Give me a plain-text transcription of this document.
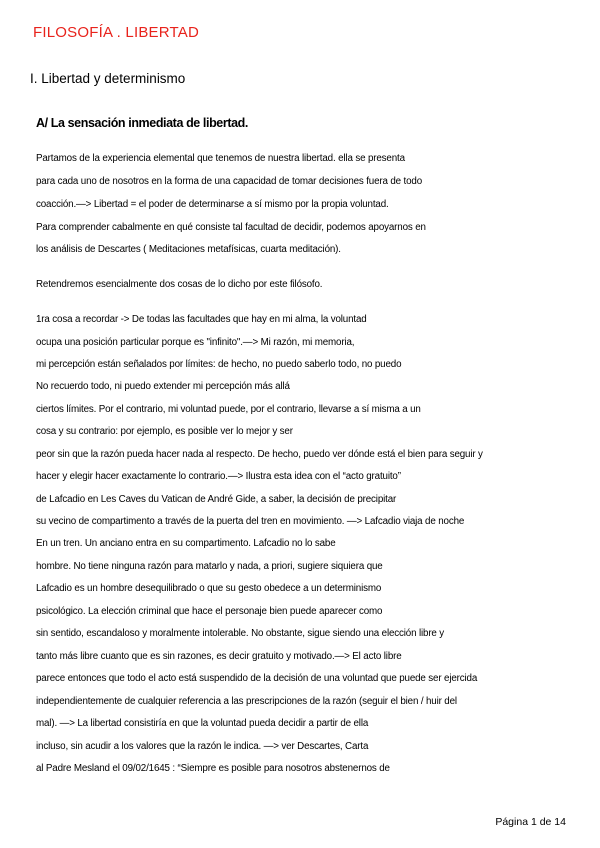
FILOSOFÍA . LIBERTAD
I. Libertad y determinismo
A/ La sensación inmediata de libertad.
Partamos de la experiencia elemental que tenemos de nuestra libertad. ella se presenta
para cada uno de nosotros en la forma de una capacidad de tomar decisiones fuera de todo
coacción.—> Libertad = el poder de determinarse a sí mismo por la propia voluntad.
Para comprender cabalmente en qué consiste tal facultad de decidir, podemos apoyarnos en
los análisis de Descartes ( Meditaciones metafísicas, cuarta meditación).
Retendremos esencialmente dos cosas de lo dicho por este filósofo.
1ra cosa a recordar -> De todas las facultades que hay en mi alma, la voluntad
ocupa una posición particular porque es "infinito".—> Mi razón, mi memoria,
mi percepción están señalados por límites: de hecho, no puedo saberlo todo, no puedo
No recuerdo todo, ni puedo extender mi percepción más allá
ciertos límites. Por el contrario, mi voluntad puede, por el contrario, llevarse a sí misma a un
cosa y su contrario: por ejemplo, es posible ver lo mejor y ser
peor sin que la razón pueda hacer nada al respecto. De hecho, puedo ver dónde está el bien para seguir y
hacer y elegir hacer exactamente lo contrario.—> Ilustra esta idea con el “acto gratuito”
de Lafcadio en Les Caves du Vatican de André Gide, a saber, la decisión de precipitar
su vecino de compartimento a través de la puerta del tren en movimiento. —> Lafcadio viaja de noche
En un tren. Un anciano entra en su compartimento. Lafcadio no lo sabe
hombre. No tiene ninguna razón para matarlo y nada, a priori, sugiere siquiera que
Lafcadio es un hombre desequilibrado o que su gesto obedece a un determinismo
psicológico. La elección criminal que hace el personaje bien puede aparecer como
sin sentido, escandaloso y moralmente intolerable. No obstante, sigue siendo una elección libre y
tanto más libre cuanto que es sin razones, es decir gratuito y motivado.—> El acto libre
parece entonces que todo el acto está suspendido de la decisión de una voluntad que puede ser ejercida
independientemente de cualquier referencia a las prescripciones de la razón (seguir el bien / huir del
mal). —> La libertad consistiría en que la voluntad pueda decidir a partir de ella
incluso, sin acudir a los valores que la razón le indica. —> ver Descartes, Carta
al Padre Mesland el 09/02/1645 : “Siempre es posible para nosotros abstenernos de
Página 1 de 14
